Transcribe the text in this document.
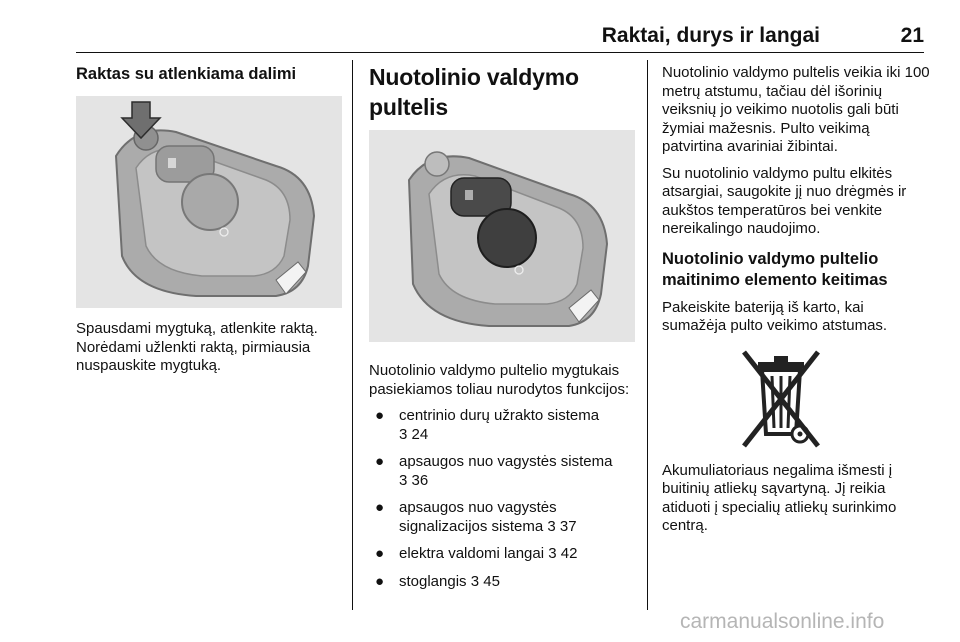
Raktai, durys ir langai	21
Raktas su atlenkiama dalimi

Spausdami mygtuką, atlenkite raktą. Norėdami užlenkti raktą, pirmiausia nuspauskite mygtuką.

Nuotolinio valdymo pultelis

Nuotolinio valdymo pultelio mygtukais pasiekiamos toliau nurodytos funkcijos:

● centrinio durų užrakto sistema
3 24
● apsaugos nuo vagystės sistema
3 36
● apsaugos nuo vagystės signalizacijos sistema 3 37
● elektra valdomi langai 3 42
● stoglangis 3 45

Nuotolinio valdymo pultelis veikia iki 100 metrų atstumu, tačiau dėl išorinių veiksnių jo veikimo nuotolis gali būti žymiai mažesnis. Pulto veikimą patvirtina avariniai žibintai.

Su nuotolinio valdymo pultu elkitės atsargiai, saugokite jį nuo drėgmės ir aukštos temperatūros bei venkite nereikalingo naudojimo.

Nuotolinio valdymo pultelio maitinimo elemento keitimas

Pakeiskite bateriją iš karto, kai sumažėja pulto veikimo atstumas.

Akumuliatoriaus negalima išmesti į buitinių atliekų sąvartyną. Jį reikia atiduoti į specialių atliekų surinkimo centrą.

carmanualsonline.info
